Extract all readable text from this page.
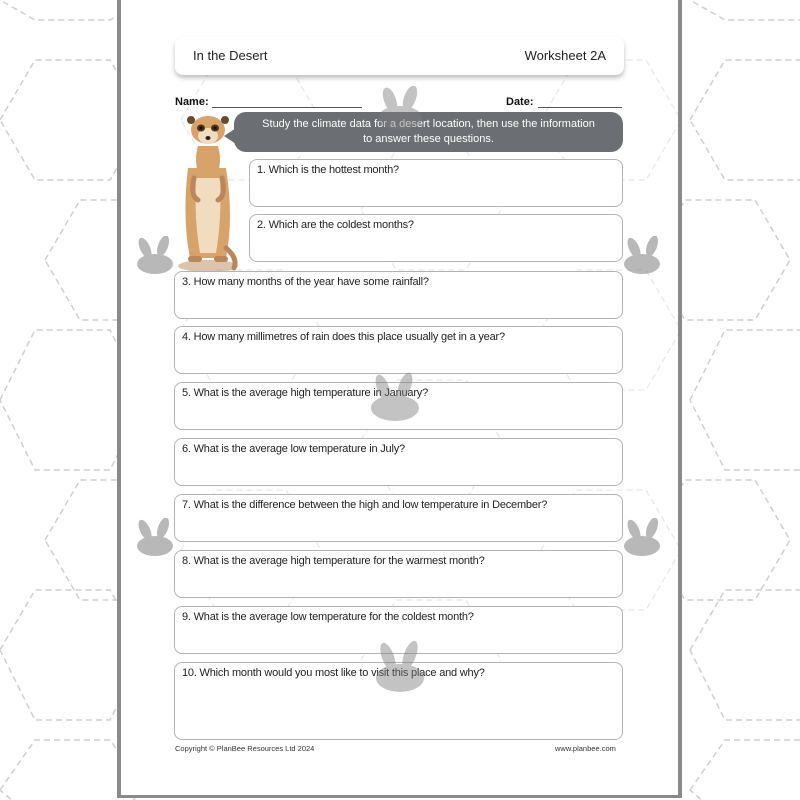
In the Desert	Worksheet 2A
Name:	Date:
Study the climate data for a desert location, then use the information
to answer these questions.
1. Which is the hottest month?
2. Which are the coldest months?
3. How many months of the year have some rainfall?
4. How many millimetres of rain does this place usually get in a year?
5. What is the average high temperature in January?
6. What is the average low temperature in July?
7. What is the difference between the high and low temperature in December?
8. What is the average high temperature for the warmest month?
9. What is the average low temperature for the coldest month?
10. Which month would you most like to visit this place and why?
Copyright © PlanBee Resources Ltd 2024	www.planbee.com
